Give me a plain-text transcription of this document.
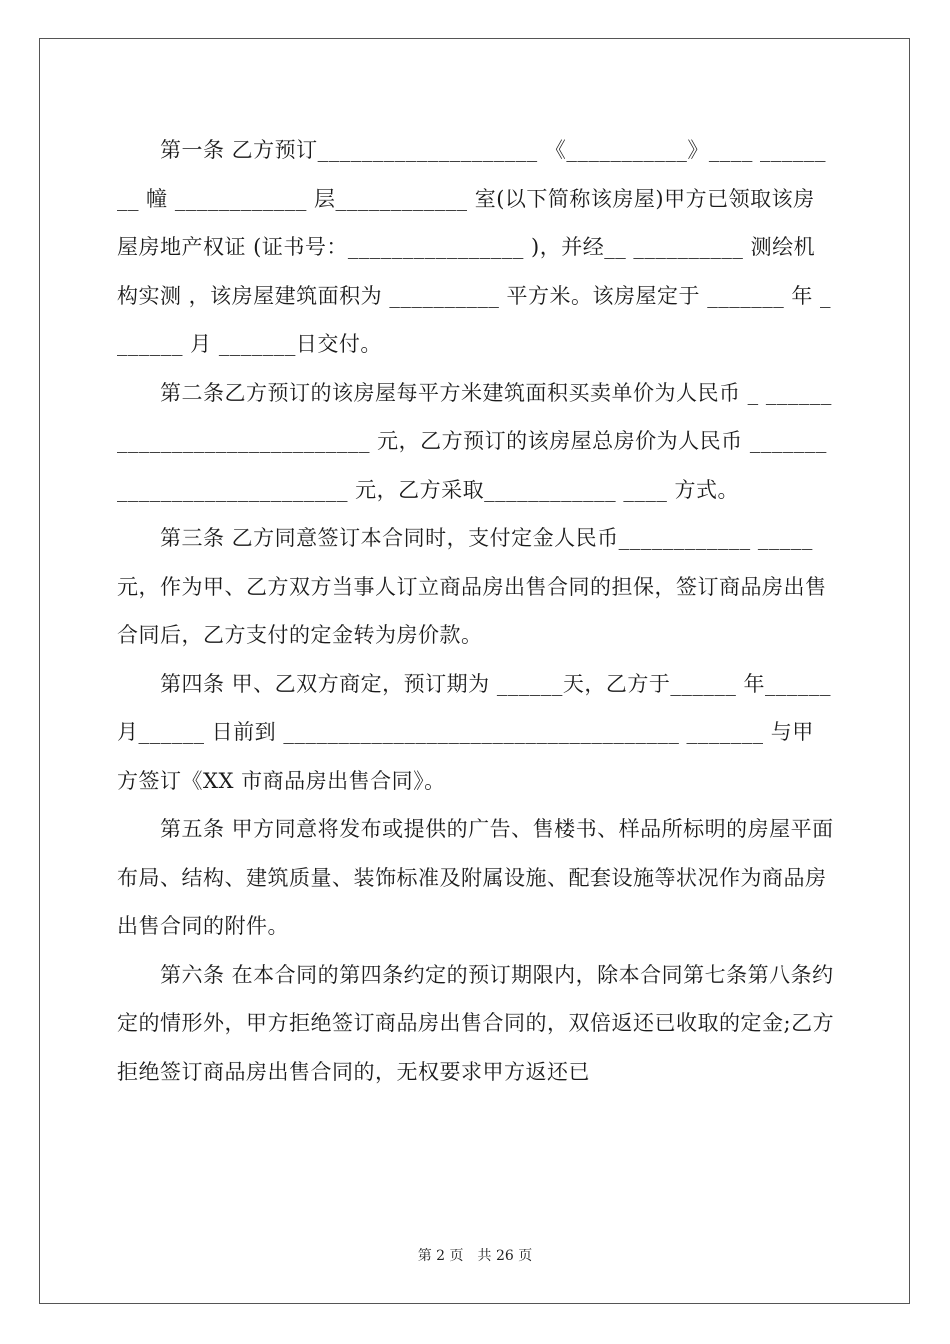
　　第一条 乙方预订____________________ 《___________》____ ________ 幢 ____________ 层____________ 室(以下简称该房屋)甲方已领取该房屋房地产权证 (证书号：________________ )，并经__ __________ 测绘机构实测 ，该房屋建筑面积为 __________ 平方米。该房屋定于 _______ 年 _______ 月 _______日交付。

　　第二条乙方预订的该房屋每平方米建筑面积买卖单价为人民币 _ _____________________________ 元，乙方预订的该房屋总房价为人民币 ____________________________ 元，乙方采取____________ ____ 方式。

　　第三条 乙方同意签订本合同时，支付定金人民币____________ _____ 元，作为甲、乙方双方当事人订立商品房出售合同的担保，签订商品房出售合同后，乙方支付的定金转为房价款。

　　第四条 甲、乙双方商定，预订期为 ______天，乙方于______ 年______月______ 日前到 ____________________________________ _______ 与甲方签订《XX 市商品房出售合同》。

　　第五条 甲方同意将发布或提供的广告、售楼书、样品所标明的房屋平面布局、结构、建筑质量、装饰标准及附属设施、配套设施等状况作为商品房出售合同的附件。

　　第六条 在本合同的第四条约定的预订期限内，除本合同第七条第八条约定的情形外，甲方拒绝签订商品房出售合同的，双倍返还已收取的定金;乙方拒绝签订商品房出售合同的，无权要求甲方返还已

第 2 页　共 26 页
